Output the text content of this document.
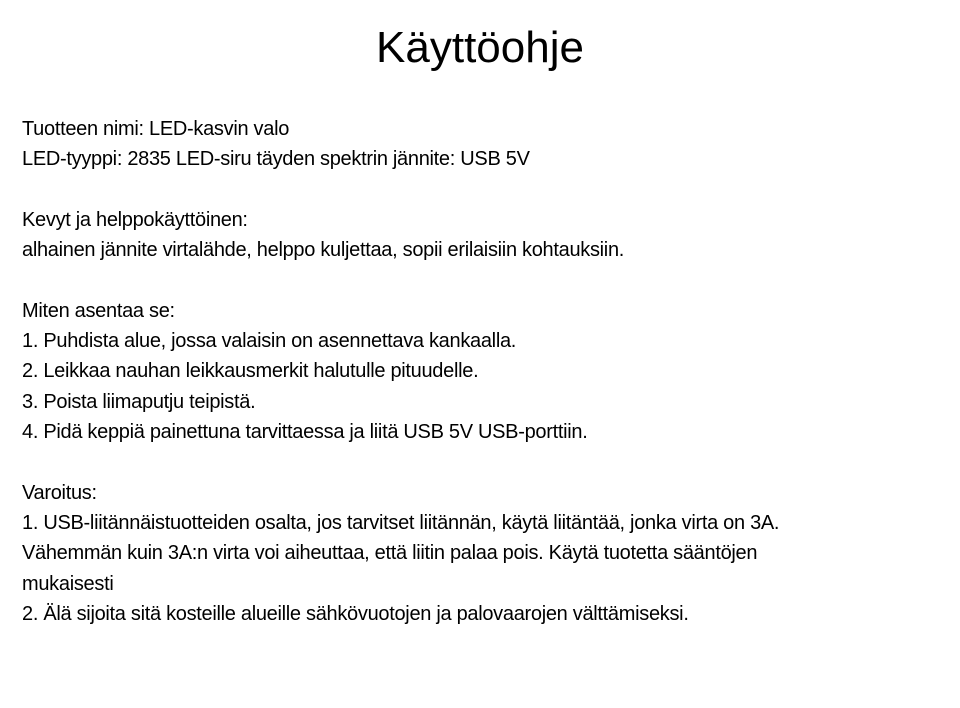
Käyttöohje
Tuotteen nimi: LED-kasvin valo
LED-tyyppi: 2835 LED-siru täyden spektrin jännite: USB 5V
Kevyt ja helppokäyttöinen:
alhainen jännite virtalähde, helppo kuljettaa, sopii erilaisiin kohtauksiin.
Miten asentaa se:
1. Puhdista alue, jossa valaisin on asennettava kankaalla.
2. Leikkaa nauhan leikkausmerkit halutulle pituudelle.
3. Poista liimaputju teipistä.
4. Pidä keppiä painettuna tarvittaessa ja liitä USB 5V USB-porttiin.
Varoitus:
1. USB-liitännäistuotteiden osalta, jos tarvitset liitännän, käytä liitäntää, jonka virta on 3A.
Vähemmän kuin 3A:n virta voi aiheuttaa, että liitin palaa pois. Käytä tuotetta sääntöjen
mukaisesti
2. Älä sijoita sitä kosteille alueille sähkövuotojen ja palovaarojen välttämiseksi.
